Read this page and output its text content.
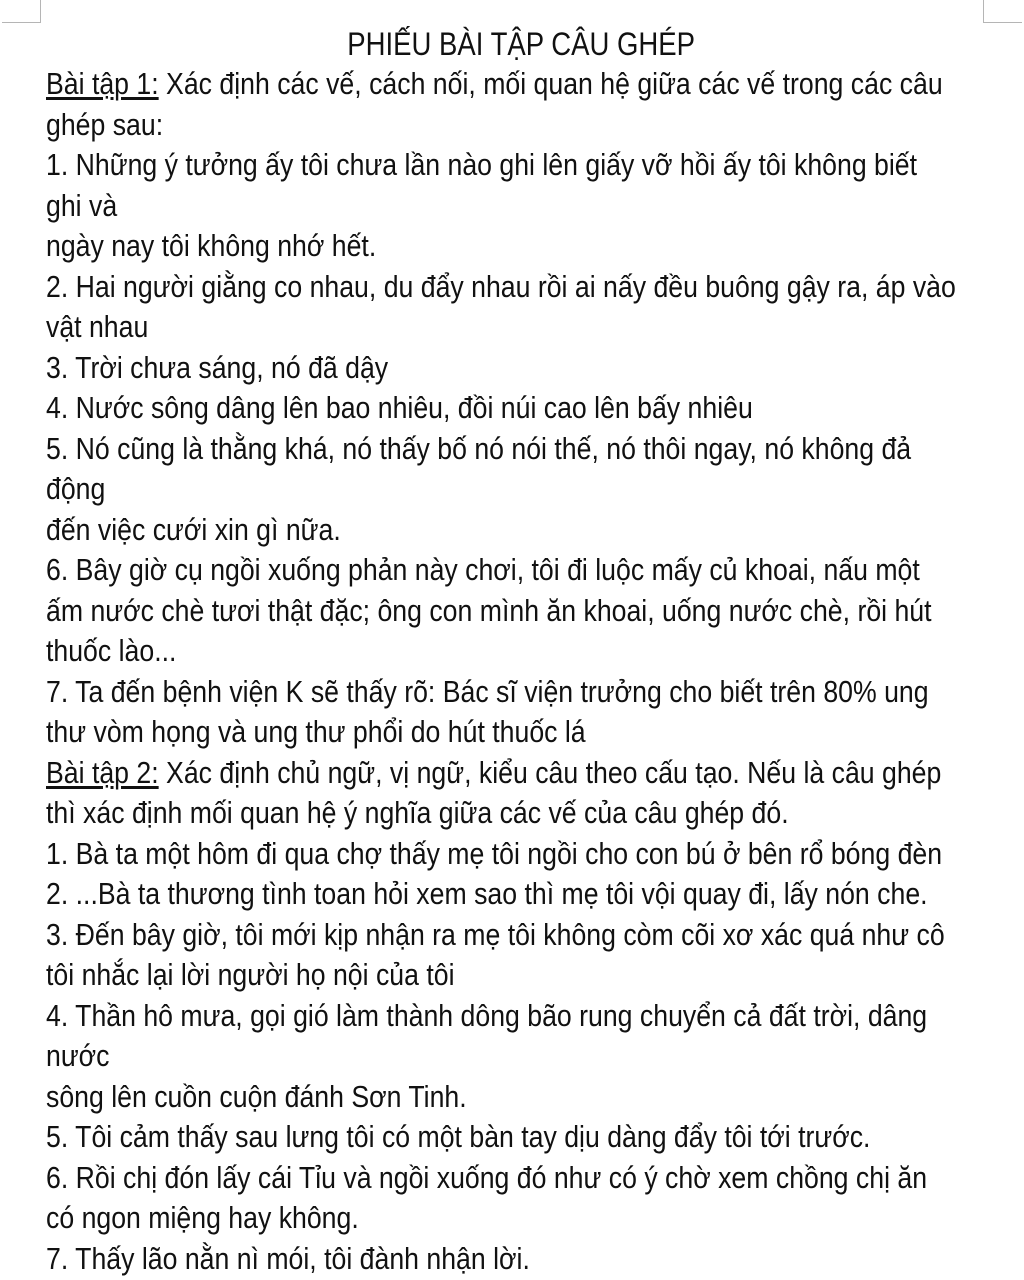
PHIẾU BÀI TẬP CÂU GHÉP

Bài tập 1: Xác định các vế, cách nối, mối quan hệ giữa các vế trong các câu

ghép sau:

1. Những ý tưởng ấy tôi chưa lần nào ghi lên giấy vỡ hồi ấy tôi không biết

ghi và

ngày nay tôi không nhớ hết.

2. Hai người giằng co nhau, du đẩy nhau rồi ai nấy đều buông gậy ra, áp vào

vật nhau

3. Trời chưa sáng, nó đã dậy

4. Nước sông dâng lên bao nhiêu, đồi núi cao lên bấy nhiêu

5. Nó cũng là thằng khá, nó thấy bố nó nói thế, nó thôi ngay, nó không đả

động

đến việc cưới xin gì nữa.

6. Bây giờ cụ ngồi xuống phản này chơi, tôi đi luộc mấy củ khoai, nấu một

ấm nước chè tươi thật đặc; ông con mình ăn khoai, uống nước chè, rồi hút

thuốc lào...

7. Ta đến bệnh viện K sẽ thấy rõ: Bác sĩ viện trưởng cho biết trên 80% ung

thư vòm họng và ung thư phổi do hút thuốc lá

Bài tập 2: Xác định chủ ngữ, vị ngữ, kiểu câu theo cấu tạo. Nếu là câu ghép

thì xác định mối quan hệ ý nghĩa giữa các vế của câu ghép đó.

1. Bà ta một hôm đi qua chợ thấy mẹ tôi ngồi cho con bú ở bên rổ bóng đèn

2. ...Bà ta thương tình toan hỏi xem sao thì mẹ tôi vội quay đi, lấy nón che.

3. Đến bây giờ, tôi mới kịp nhận ra mẹ tôi không còm cõi xơ xác quá như cô

tôi nhắc lại lời người họ nội của tôi

4. Thần hô mưa, gọi gió làm thành dông bão rung chuyển cả đất trời, dâng

nước

sông lên cuồn cuộn đánh Sơn Tinh.

5. Tôi cảm thấy sau lưng tôi có một bàn tay dịu dàng đẩy tôi tới trước.

6. Rồi chị đón lấy cái Tỉu và ngồi xuống đó như có ý chờ xem chồng chị ăn

có ngon miệng hay không.

7. Thấy lão nằn nì mói, tôi đành nhận lời.
